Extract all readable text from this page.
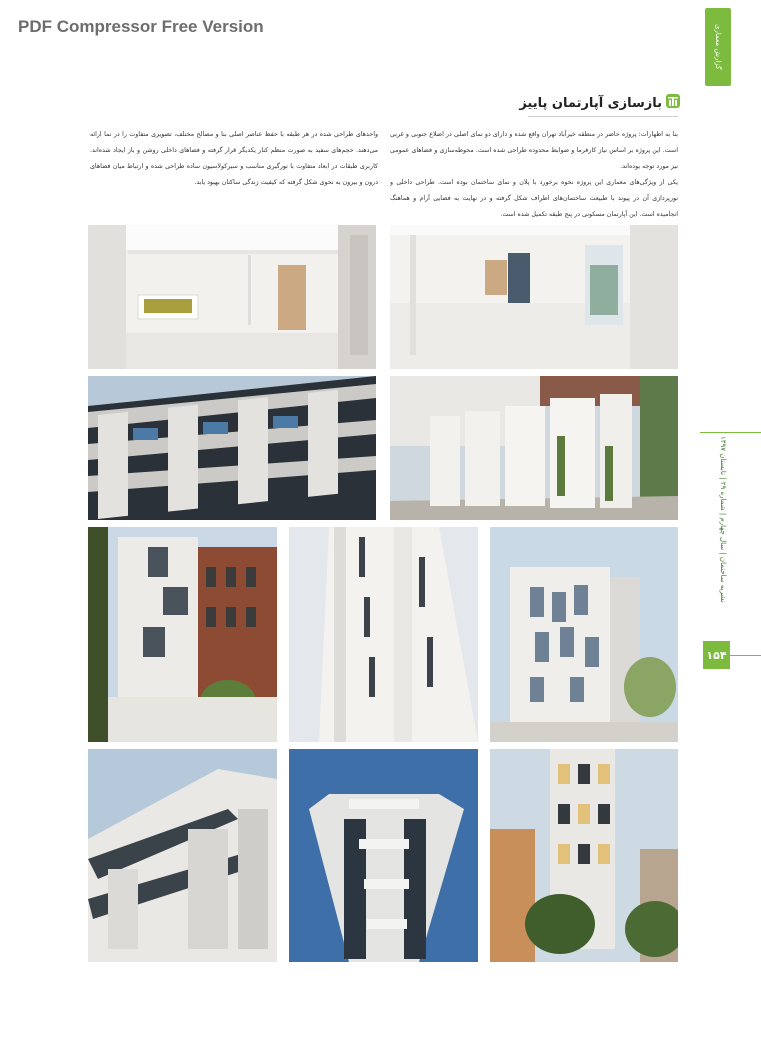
PDF Compressor Free Version	گزارش معماری
نشریه ساختمان | سال چهارم | شماره ۲۹ | تابستان ۱۳۹۷
۱۵۴
بازسازی آپارتمان پاییز

بنا به اظهارات: پروژه حاضر در منطقه خیرآباد تهران واقع شده و دارای دو نمای اصلی در اضلاع جنوبی و غربی است. این پروژه بر اساس نیاز کارفرما و ضوابط محدوده طراحی شده است. محوطه‌سازی و فضاهای عمومی نیز مورد توجه بوده‌اند.

یکی از ویژگی‌های معماری این پروژه نحوه برخورد با پلان و نمای ساختمان بوده است. طراحی داخلی و نورپردازی آن در پیوند با طبیعت ساختمان‌های اطراف شکل گرفته و در نهایت به فضایی آرام و هماهنگ انجامیده است. این آپارتمان مسکونی در پنج طبقه تکمیل شده است.

واحدهای طراحی شده در هر طبقه با حفظ عناصر اصلی بنا و مصالح مختلف، تصویری متفاوت را در نما ارائه می‌دهند. حجم‌های سفید به صورت منظم کنار یکدیگر قرار گرفته و فضاهای داخلی روشن و باز ایجاد شده‌اند. کاربری طبقات در ابعاد متفاوت با نورگیری مناسب و سیرکولاسیون ساده طراحی شده و ارتباط میان فضاهای درون و بیرون به نحوی شکل گرفته که کیفیت زندگی ساکنان بهبود یابد.
